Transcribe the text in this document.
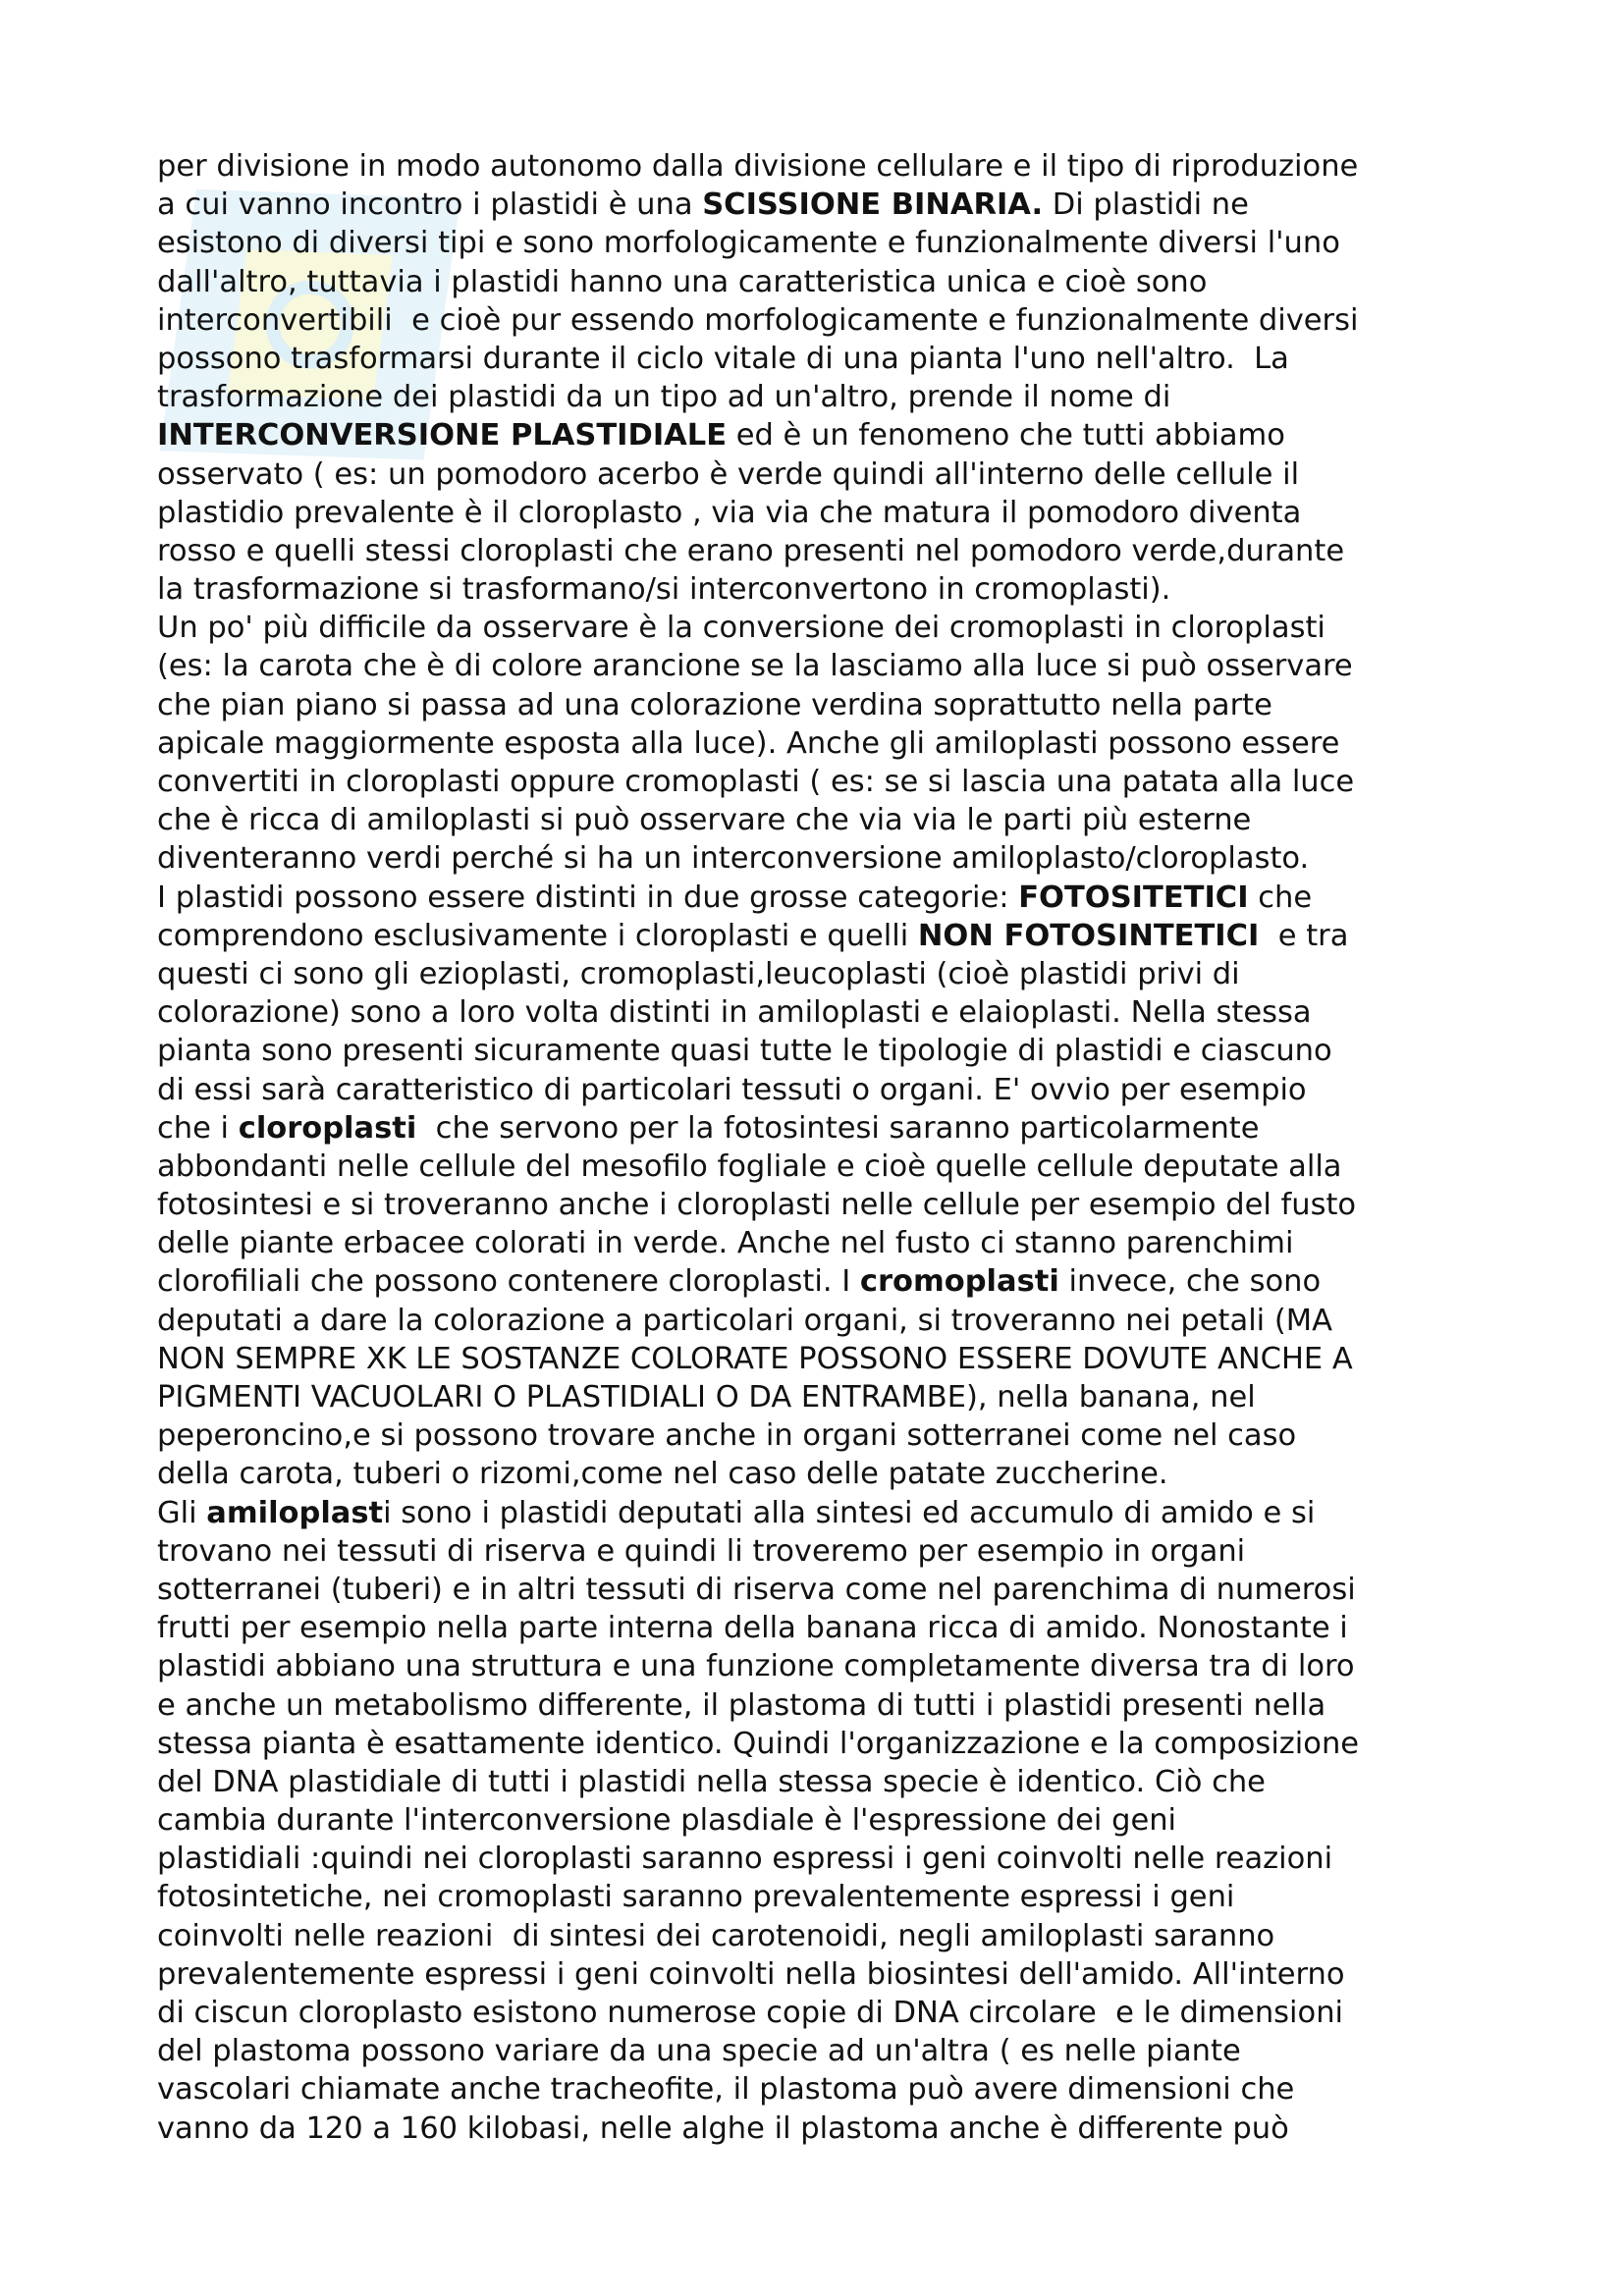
per divisione in modo autonomo dalla divisione cellulare e il tipo di riproduzione
a cui vanno incontro i plastidi è una SCISSIONE BINARIA. Di plastidi ne
esistono di diversi tipi e sono morfologicamente e funzionalmente diversi l'uno
dall'altro, tuttavia i plastidi hanno una caratteristica unica e cioè sono
interconvertibili  e cioè pur essendo morfologicamente e funzionalmente diversi
possono trasformarsi durante il ciclo vitale di una pianta l'uno nell'altro.  La
trasformazione dei plastidi da un tipo ad un'altro, prende il nome di
INTERCONVERSIONE PLASTIDIALE ed è un fenomeno che tutti abbiamo
osservato ( es: un pomodoro acerbo è verde quindi all'interno delle cellule il
plastidio prevalente è il cloroplasto , via via che matura il pomodoro diventa
rosso e quelli stessi cloroplasti che erano presenti nel pomodoro verde,durante
la trasformazione si trasformano/si interconvertono in cromoplasti).
Un po' più difficile da osservare è la conversione dei cromoplasti in cloroplasti
(es: la carota che è di colore arancione se la lasciamo alla luce si può osservare
che pian piano si passa ad una colorazione verdina soprattutto nella parte
apicale maggiormente esposta alla luce). Anche gli amiloplasti possono essere
convertiti in cloroplasti oppure cromoplasti ( es: se si lascia una patata alla luce
che è ricca di amiloplasti si può osservare che via via le parti più esterne
diventeranno verdi perché si ha un interconversione amiloplasto/cloroplasto.
I plastidi possono essere distinti in due grosse categorie: FOTOSITETICI che
comprendono esclusivamente i cloroplasti e quelli NON FOTOSINTETICI  e tra
questi ci sono gli ezioplasti, cromoplasti,leucoplasti (cioè plastidi privi di
colorazione) sono a loro volta distinti in amiloplasti e elaioplasti. Nella stessa
pianta sono presenti sicuramente quasi tutte le tipologie di plastidi e ciascuno
di essi sarà caratteristico di particolari tessuti o organi. E' ovvio per esempio
che i cloroplasti  che servono per la fotosintesi saranno particolarmente
abbondanti nelle cellule del mesofilo fogliale e cioè quelle cellule deputate alla
fotosintesi e si troveranno anche i cloroplasti nelle cellule per esempio del fusto
delle piante erbacee colorati in verde. Anche nel fusto ci stanno parenchimi
clorofiliali che possono contenere cloroplasti. I cromoplasti invece, che sono
deputati a dare la colorazione a particolari organi, si troveranno nei petali (MA
NON SEMPRE XK LE SOSTANZE COLORATE POSSONO ESSERE DOVUTE ANCHE A
PIGMENTI VACUOLARI O PLASTIDIALI O DA ENTRAMBE), nella banana, nel
peperoncino,e si possono trovare anche in organi sotterranei come nel caso
della carota, tuberi o rizomi,come nel caso delle patate zuccherine.
Gli amiloplasti sono i plastidi deputati alla sintesi ed accumulo di amido e si
trovano nei tessuti di riserva e quindi li troveremo per esempio in organi
sotterranei (tuberi) e in altri tessuti di riserva come nel parenchima di numerosi
frutti per esempio nella parte interna della banana ricca di amido. Nonostante i
plastidi abbiano una struttura e una funzione completamente diversa tra di loro
e anche un metabolismo differente, il plastoma di tutti i plastidi presenti nella
stessa pianta è esattamente identico. Quindi l'organizzazione e la composizione
del DNA plastidiale di tutti i plastidi nella stessa specie è identico. Ciò che
cambia durante l'interconversione plasdiale è l'espressione dei geni
plastidiali :quindi nei cloroplasti saranno espressi i geni coinvolti nelle reazioni
fotosintetiche, nei cromoplasti saranno prevalentemente espressi i geni
coinvolti nelle reazioni  di sintesi dei carotenoidi, negli amiloplasti saranno
prevalentemente espressi i geni coinvolti nella biosintesi dell'amido. All'interno
di ciscun cloroplasto esistono numerose copie di DNA circolare  e le dimensioni
del plastoma possono variare da una specie ad un'altra ( es nelle piante
vascolari chiamate anche tracheofite, il plastoma può avere dimensioni che
vanno da 120 a 160 kilobasi, nelle alghe il plastoma anche è differente può
